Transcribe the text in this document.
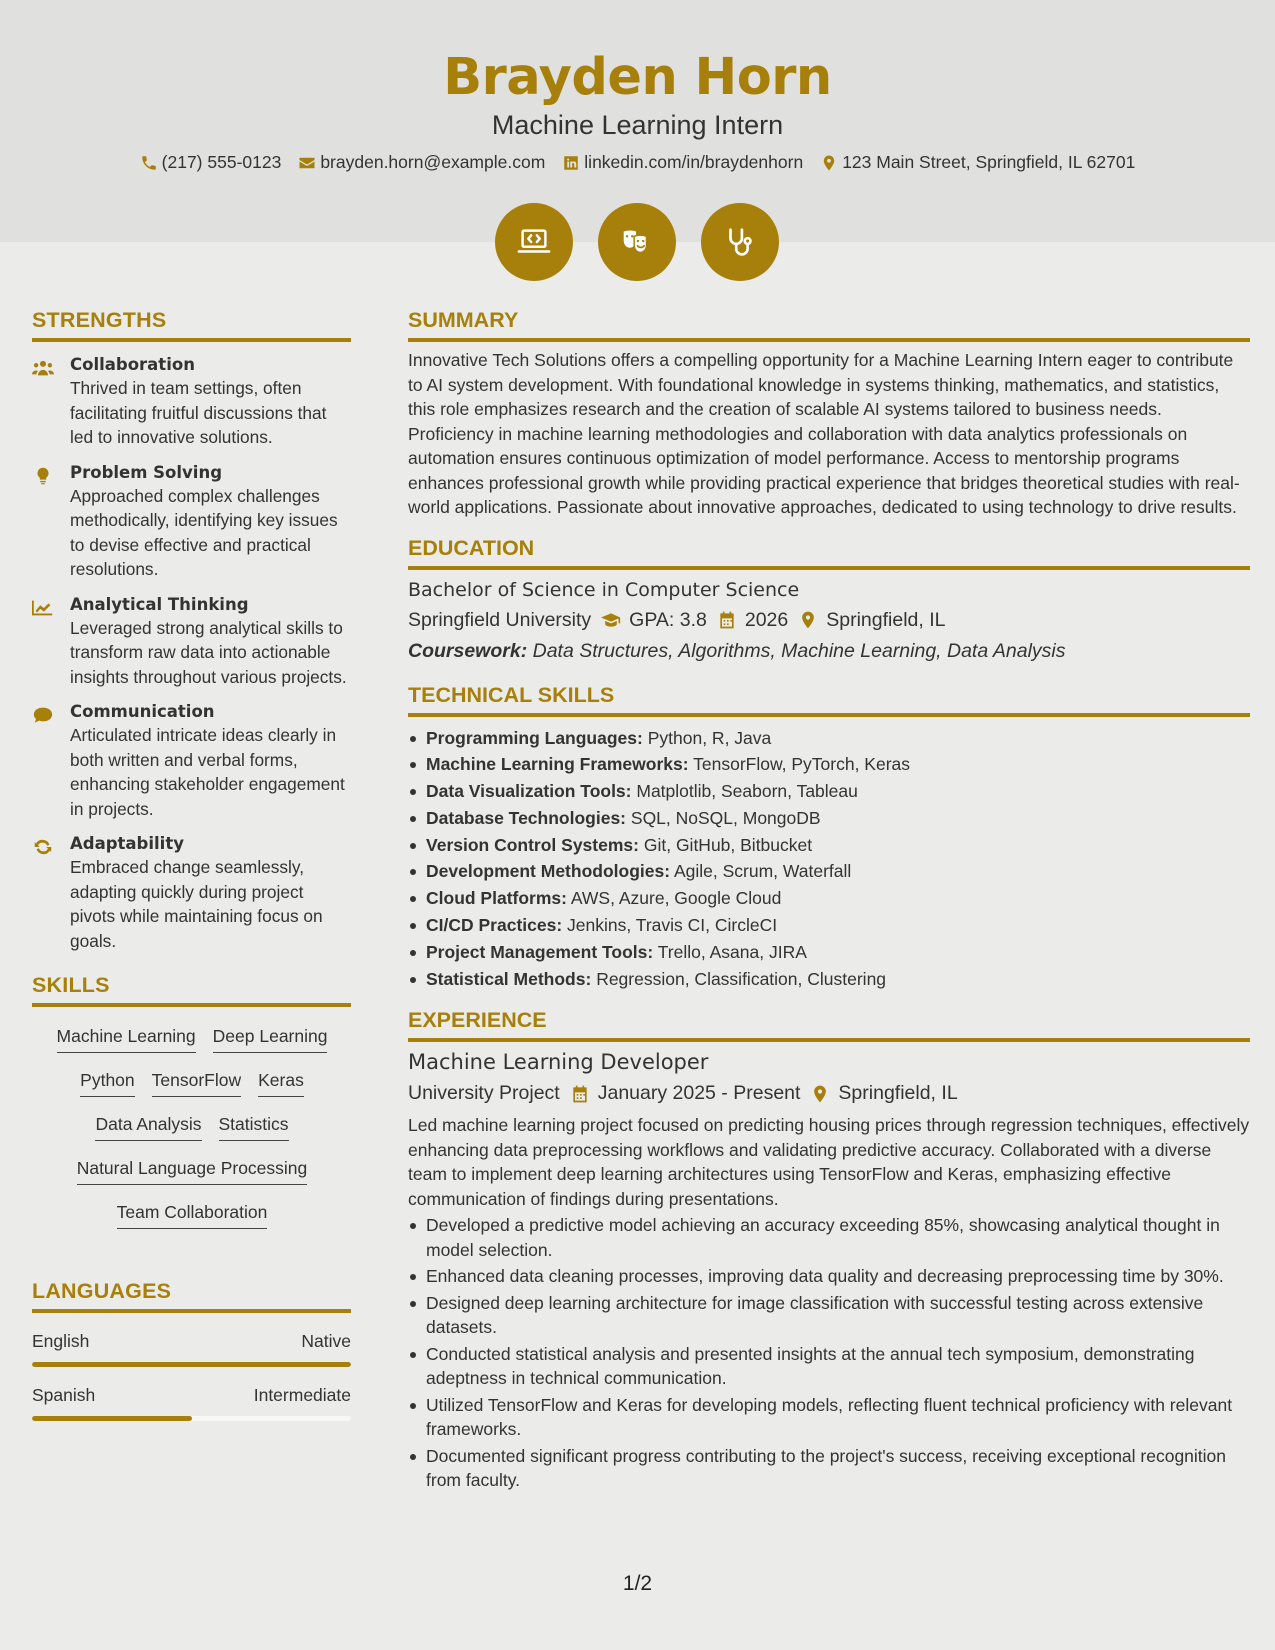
Brayden Horn
Machine Learning Intern
(217) 555-0123 brayden.horn@example.com linkedin.com/in/braydenhorn 123 Main Street, Springfield, IL 62701
STRENGTHS
Collaboration
Thrived in team settings, often facilitating fruitful discussions that led to innovative solutions.
Problem Solving
Approached complex challenges methodically, identifying key issues to devise effective and practical resolutions.
Analytical Thinking
Leveraged strong analytical skills to transform raw data into actionable insights throughout various projects.
Communication
Articulated intricate ideas clearly in both written and verbal forms, enhancing stakeholder engagement in projects.
Adaptability
Embraced change seamlessly, adapting quickly during project pivots while maintaining focus on goals.
SKILLS
Machine Learning Deep Learning
Python TensorFlow Keras
Data Analysis Statistics
Natural Language Processing
Team Collaboration
LANGUAGES
English	Native
Spanish	Intermediate
SUMMARY
Innovative Tech Solutions offers a compelling opportunity for a Machine Learning Intern eager to contribute to AI system development. With foundational knowledge in systems thinking, mathematics, and statistics, this role emphasizes research and the creation of scalable AI systems tailored to business needs. Proficiency in machine learning methodologies and collaboration with data analytics professionals on automation ensures continuous optimization of model performance. Access to mentorship programs enhances professional growth while providing practical experience that bridges theoretical studies with real-world applications. Passionate about innovative approaches, dedicated to using technology to drive results.
EDUCATION
Bachelor of Science in Computer Science
Springfield University GPA: 3.8 2026 Springfield, IL
Coursework: Data Structures, Algorithms, Machine Learning, Data Analysis
TECHNICAL SKILLS
Programming Languages: Python, R, Java
Machine Learning Frameworks: TensorFlow, PyTorch, Keras
Data Visualization Tools: Matplotlib, Seaborn, Tableau
Database Technologies: SQL, NoSQL, MongoDB
Version Control Systems: Git, GitHub, Bitbucket
Development Methodologies: Agile, Scrum, Waterfall
Cloud Platforms: AWS, Azure, Google Cloud
CI/CD Practices: Jenkins, Travis CI, CircleCI
Project Management Tools: Trello, Asana, JIRA
Statistical Methods: Regression, Classification, Clustering
EXPERIENCE
Machine Learning Developer
University Project January 2025 - Present Springfield, IL
Led machine learning project focused on predicting housing prices through regression techniques, effectively enhancing data preprocessing workflows and validating predictive accuracy. Collaborated with a diverse team to implement deep learning architectures using TensorFlow and Keras, emphasizing effective communication of findings during presentations.
Developed a predictive model achieving an accuracy exceeding 85%, showcasing analytical thought in model selection.
Enhanced data cleaning processes, improving data quality and decreasing preprocessing time by 30%.
Designed deep learning architecture for image classification with successful testing across extensive datasets.
Conducted statistical analysis and presented insights at the annual tech symposium, demonstrating adeptness in technical communication.
Utilized TensorFlow and Keras for developing models, reflecting fluent technical proficiency with relevant frameworks.
Documented significant progress contributing to the project's success, receiving exceptional recognition from faculty.
1/2
